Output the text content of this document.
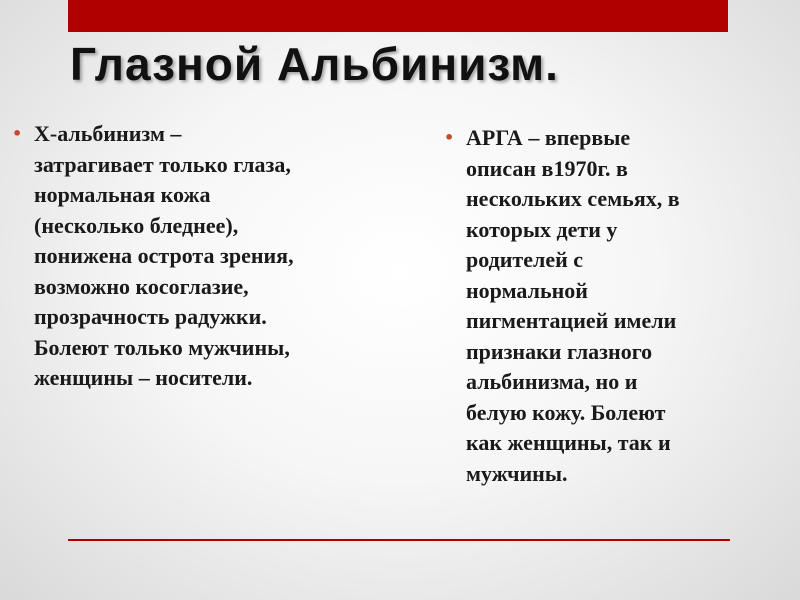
Глазной Альбинизм.
• Х-альбинизм –
затрагивает только глаза,
нормальная кожа
(несколько бледнее),
понижена острота зрения,
возможно косоглазие,
прозрачность радужки.
Болеют только мужчины,
женщины – носители.
• АРГА – впервые
описан в1970г. в
нескольких семьях, в
которых дети у
родителей с
нормальной
пигментацией имели
признаки глазного
альбинизма, но и
белую кожу. Болеют
как женщины, так и
мужчины.
